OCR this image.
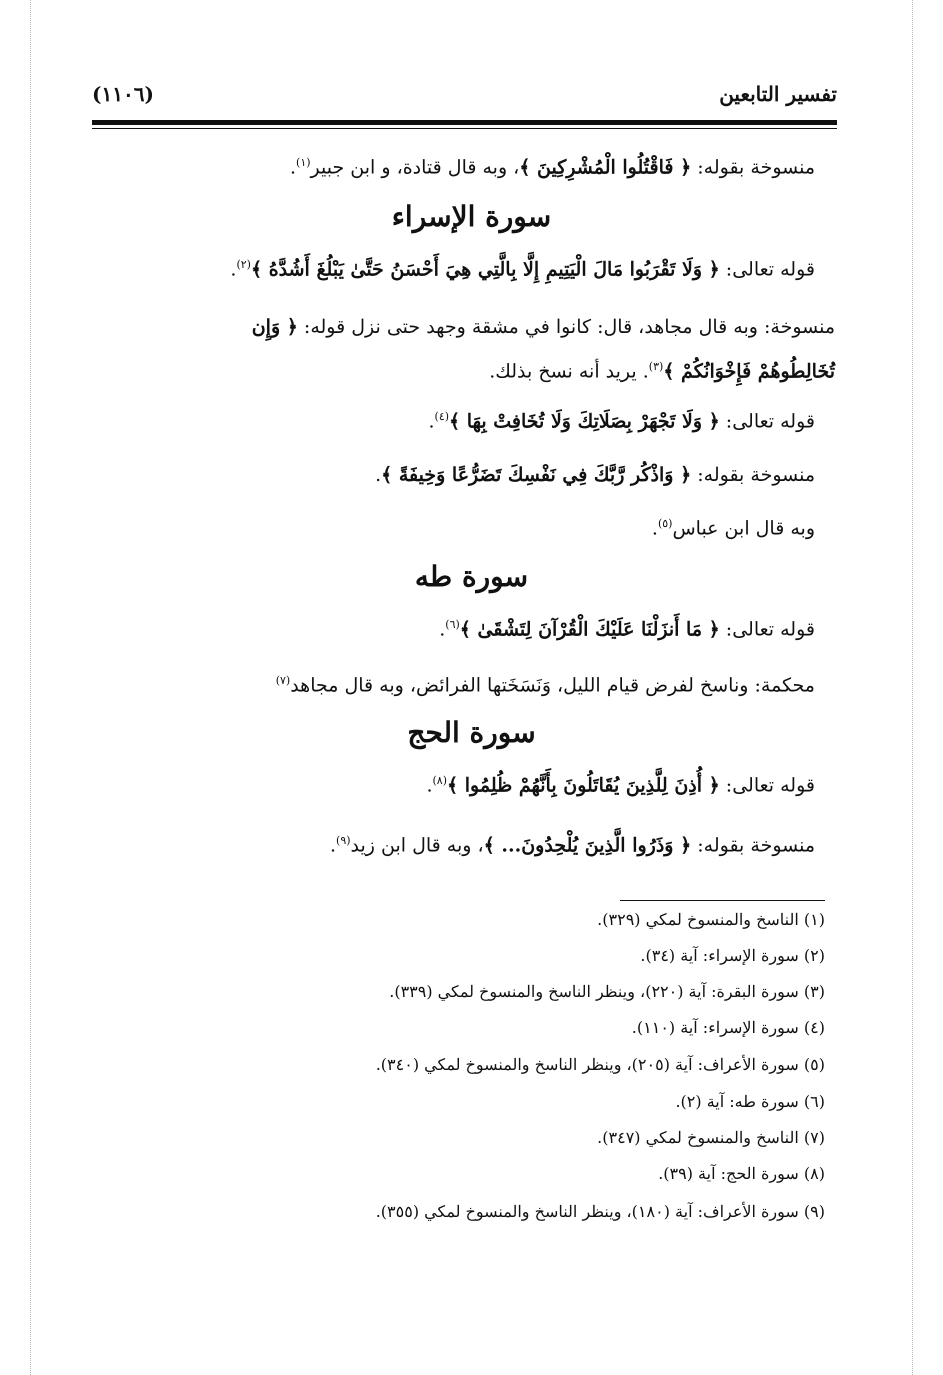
تفسير التابعين
(١١٠٦)
منسوخة بقوله: ﴿ فَاقْتُلُوا الْمُشْرِكِينَ ﴾، وبه قال قتادة، و ابن جبير$^{(١)}$.
سورة الإسراء
قوله تعالى: ﴿ وَلَا تَقْرَبُوا مَالَ الْيَتِيمِ إِلَّا بِالَّتِي هِيَ أَحْسَنُ حَتَّىٰ يَبْلُغَ أَشُدَّهُ ﴾$^{(٢)}$.
منسوخة: وبه قال مجاهد، قال: كانوا في مشقة وجهد حتى نزل قوله: ﴿ وَإِن
تُخَالِطُوهُمْ فَإِخْوَانُكُمْ ﴾$^{(٣)}$. يريد أنه نسخ بذلك.
قوله تعالى: ﴿ وَلَا تَجْهَرْ بِصَلَاتِكَ وَلَا تُخَافِتْ بِهَا ﴾$^{(٤)}$.
منسوخة بقوله: ﴿ وَاذْكُر رَّبَّكَ فِي نَفْسِكَ تَضَرُّعًا وَخِيفَةً ﴾.
وبه قال ابن عباس$^{(٥)}$.
سورة طه
قوله تعالى: ﴿ مَا أَنزَلْنَا عَلَيْكَ الْقُرْآنَ لِتَشْقَىٰ ﴾$^{(٦)}$.
محكمة: وناسخ لفرض قيام الليل، وَنَسَخَتها الفرائض، وبه قال مجاهد$^{(٧)}$
سورة الحج
قوله تعالى: ﴿ أُذِنَ لِلَّذِينَ يُقَاتَلُونَ بِأَنَّهُمْ ظُلِمُوا ﴾$^{(٨)}$.
منسوخة بقوله: ﴿ وَذَرُوا الَّذِينَ يُلْحِدُونَ... ﴾، وبه قال ابن زيد$^{(٩)}$.
(١) الناسخ والمنسوخ لمكي (٣٢٩).
(٢) سورة الإسراء: آية (٣٤).
(٣) سورة البقرة: آية (٢٢٠)، وينظر الناسخ والمنسوخ لمكي (٣٣٩).
(٤) سورة الإسراء: آية (١١٠).
(٥) سورة الأعراف: آية (٢٠٥)، وينظر الناسخ والمنسوخ لمكي (٣٤٠).
(٦) سورة طه: آية (٢).
(٧) الناسخ والمنسوخ لمكي (٣٤٧).
(٨) سورة الحج: آية (٣٩).
(٩) سورة الأعراف: آية (١٨٠)، وينظر الناسخ والمنسوخ لمكي (٣٥٥).
